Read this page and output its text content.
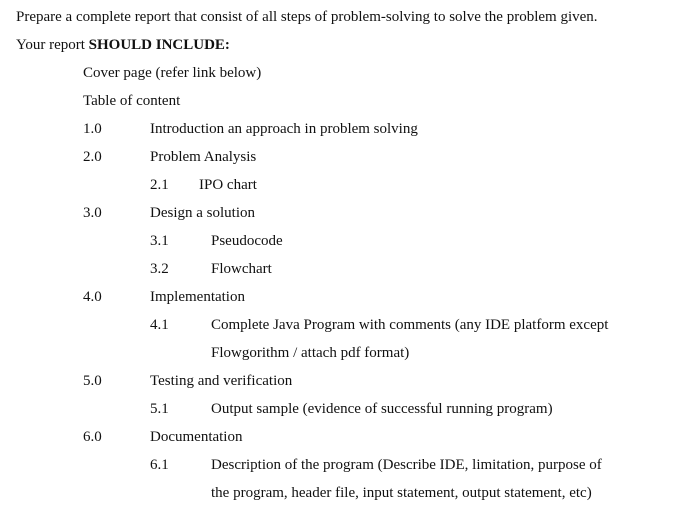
Prepare a complete report that consist of all steps of problem-solving to solve the problem given.
Your report SHOULD INCLUDE:
Cover page (refer link below)
Table of content
1.0	Introduction an approach in problem solving
2.0	Problem Analysis
2.1 IPO chart
3.0	Design a solution
3.1	Pseudocode
3.2	Flowchart
4.0	Implementation
4.1	Complete Java Program with comments (any IDE platform except
Flowgorithm / attach pdf format)
5.0	Testing and verification
5.1	Output sample (evidence of successful running program)
6.0	Documentation
6.1	Description of the program (Describe IDE, limitation, purpose of
the program, header file, input statement, output statement, etc)
